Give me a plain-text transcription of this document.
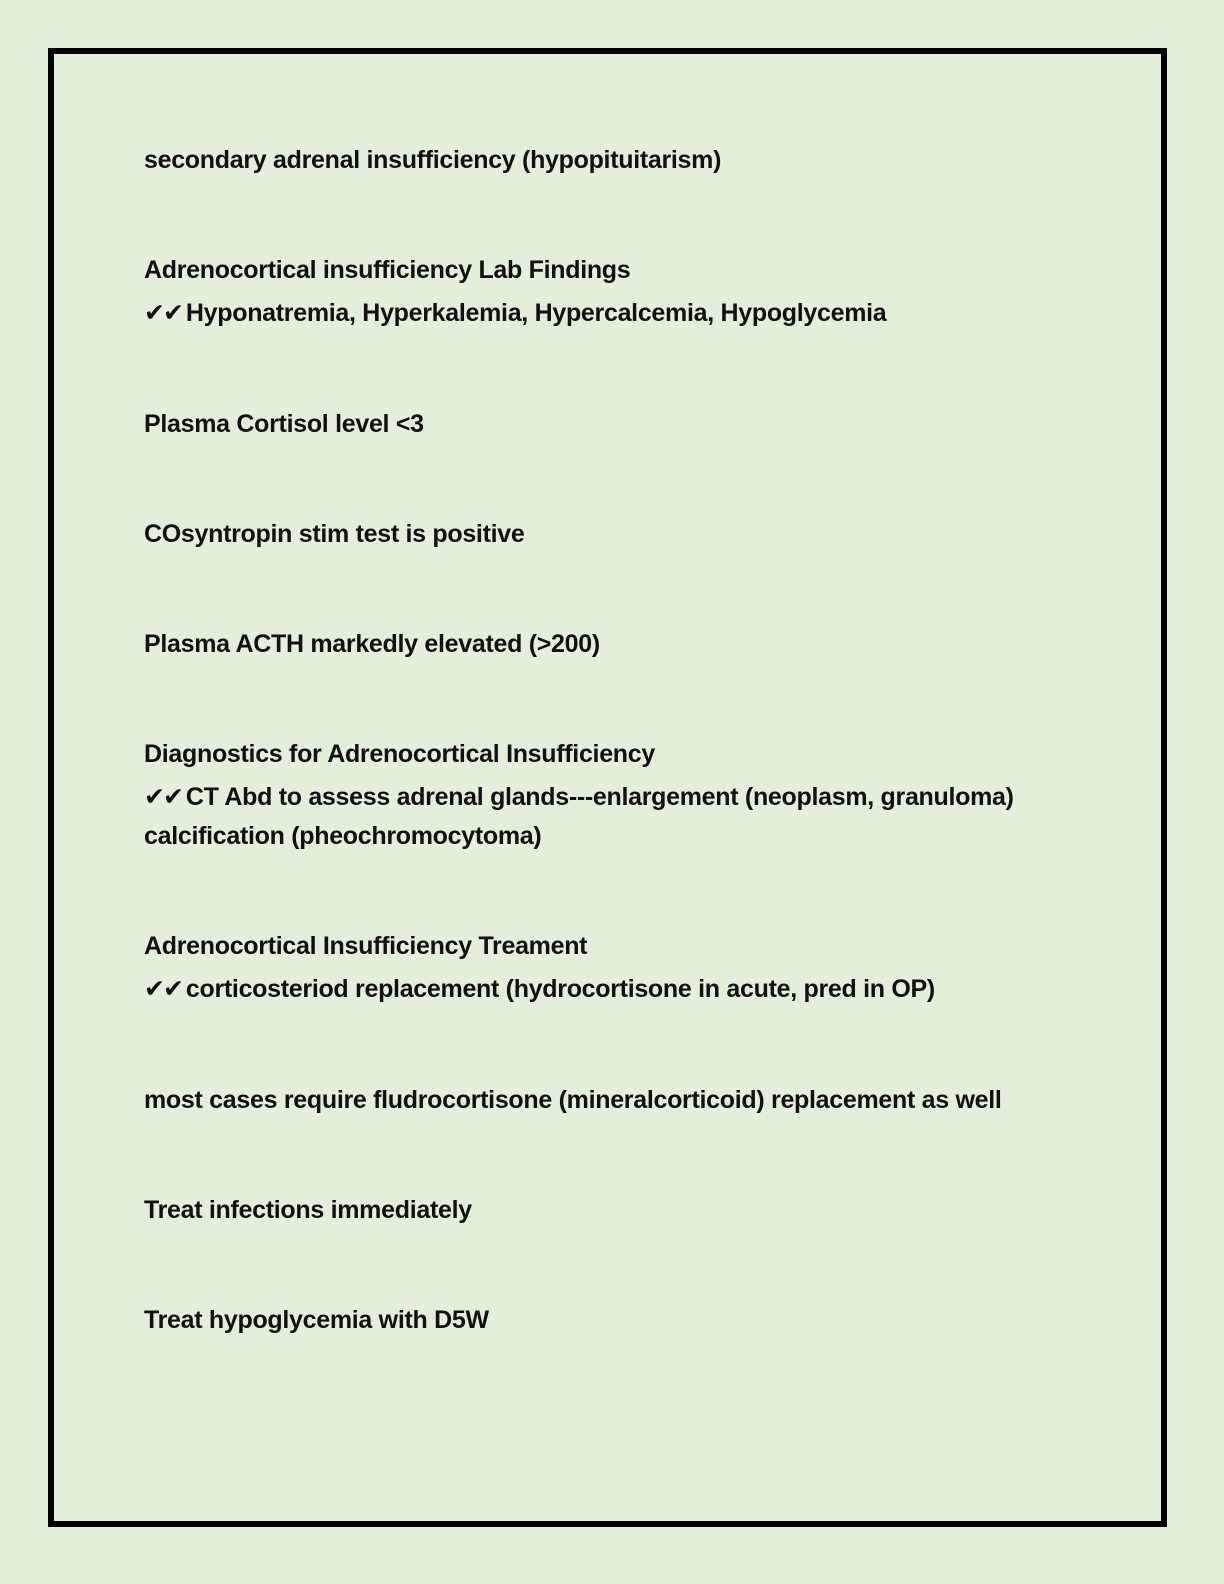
secondary adrenal insufficiency (hypopituitarism)

Adrenocortical insufficiency Lab Findings

✔✔ Hyponatremia, Hyperkalemia, Hypercalcemia, Hypoglycemia

Plasma Cortisol level <3

COsyntropin stim test is positive

Plasma ACTH markedly elevated (>200)

Diagnostics for Adrenocortical Insufficiency

✔✔ CT Abd to assess adrenal glands---enlargement (neoplasm, granuloma)

calcification (pheochromocytoma)

Adrenocortical Insufficiency Treament

✔✔ corticosteriod replacement (hydrocortisone in acute, pred in OP)

most cases require fludrocortisone (mineralcorticoid) replacement as well

Treat infections immediately

Treat hypoglycemia with D5W
